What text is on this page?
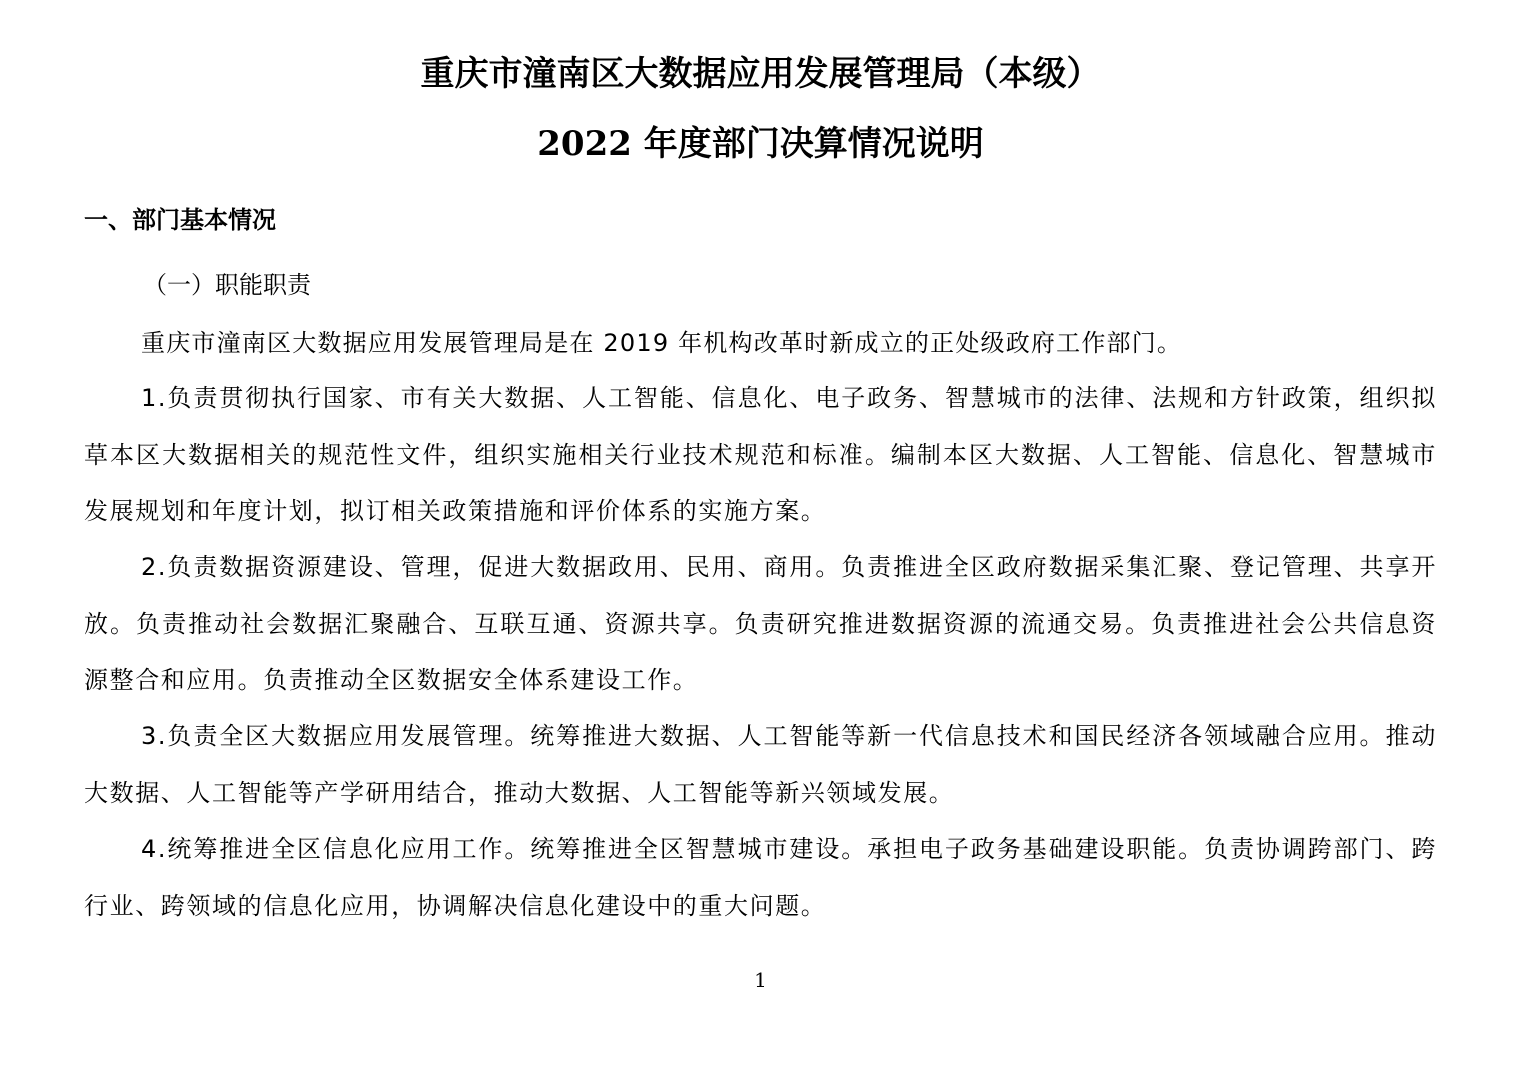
重庆市潼南区大数据应用发展管理局（本级）
2022 年度部门决算情况说明
一、部门基本情况
（一）职能职责

重庆市潼南区大数据应用发展管理局是在 2019 年机构改革时新成立的正处级政府工作部门。

1.负责贯彻执行国家、市有关大数据、人工智能、信息化、电子政务、智慧城市的法律、法规和方针政策，组织拟草本区大数据相关的规范性文件，组织实施相关行业技术规范和标准。编制本区大数据、人工智能、信息化、智慧城市发展规划和年度计划，拟订相关政策措施和评价体系的实施方案。

2.负责数据资源建设、管理，促进大数据政用、民用、商用。负责推进全区政府数据采集汇聚、登记管理、共享开放。负责推动社会数据汇聚融合、互联互通、资源共享。负责研究推进数据资源的流通交易。负责推进社会公共信息资源整合和应用。负责推动全区数据安全体系建设工作。

3.负责全区大数据应用发展管理。统筹推进大数据、人工智能等新一代信息技术和国民经济各领域融合应用。推动大数据、人工智能等产学研用结合，推动大数据、人工智能等新兴领域发展。

4.统筹推进全区信息化应用工作。统筹推进全区智慧城市建设。承担电子政务基础建设职能。负责协调跨部门、跨行业、跨领域的信息化应用，协调解决信息化建设中的重大问题。

1
